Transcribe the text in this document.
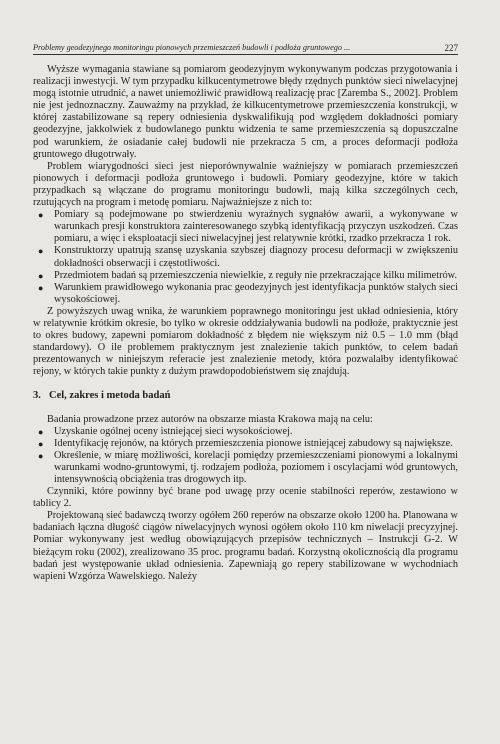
Problemy geodezyjnego monitoringu pionowych przemieszczeń budowli i podłoża gruntowego ...	227

Wyższe wymagania stawiane są pomiarom geodezyjnym wykonywanym podczas przygotowania i realizacji inwestycji. W tym przypadku kilkucentymetrowe błędy rzędnych punktów sieci niwelacyjnej mogą istotnie utrudnić, a nawet uniemożliwić prawidłową realizację prac [Zaremba S., 2002]. Problem nie jest jednoznaczny. Zauważmy na przykład, że kilkucentymetrowe przemieszczenia konstrukcji, w której zastabilizowane są repery odniesienia dyskwalifikują pod względem dokładności pomiary geodezyjne, jakkolwiek z budowlanego punktu widzenia te same przemieszczenia są dopuszczalne pod warunkiem, że osiadanie całej budowli nie przekracza 5 cm, a proces deformacji podłoża gruntowego długotrwały.

Problem wiarygodności sieci jest nieporównywalnie ważniejszy w pomiarach przemieszczeń pionowych i deformacji podłoża gruntowego i budowli. Pomiary geodezyjne, które w takich przypadkach są włączane do programu monitoringu budowli, mają kilka szczególnych cech, rzutujących na program i metodę pomiaru. Najważniejsze z nich to:

● Pomiary są podejmowane po stwierdzeniu wyraźnych sygnałów awarii, a wykonywane w warunkach presji konstruktora zainteresowanego szybką identyfikacją przyczyn uszkodzeń. Czas pomiaru, a więc i eksploatacji sieci niwelacyjnej jest relatywnie krótki, rzadko przekracza 1 rok.
● Konstruktorzy upatrują szansę uzyskania szybszej diagnozy procesu deformacji w zwiększeniu dokładności obserwacji i częstotliwości.
● Przedmiotem badań są przemieszczenia niewielkie, z reguły nie przekraczające kilku milimetrów.
● Warunkiem prawidłowego wykonania prac geodezyjnych jest identyfikacja punktów stałych sieci wysokościowej.

Z powyższych uwag wnika, że warunkiem poprawnego monitoringu jest układ odniesienia, który w relatywnie krótkim okresie, bo tylko w okresie oddziaływania budowli na podłoże, praktycznie jest to okres budowy, zapewni pomiarom dokładność z błędem nie większym niż 0.5 – 1.0 mm (błąd standardowy). O ile problemem praktycznym jest znalezienie takich punktów, to celem badań prezentowanych w niniejszym referacie jest znalezienie metody, która pozwalałby identyfikować rejony, w których takie punkty z dużym prawdopodobieństwem się znajdują.

3. Cel, zakres i metoda badań

Badania prowadzone przez autorów na obszarze miasta Krakowa mają na celu:

● Uzyskanie ogólnej oceny istniejącej sieci wysokościowej.
● Identyfikację rejonów, na których przemieszczenia pionowe istniejącej zabudowy są największe.
● Określenie, w miarę możliwości, korelacji pomiędzy przemieszczeniami pionowymi a lokalnymi warunkami wodno-gruntowymi, tj. rodzajem podłoża, poziomem i oscylacjami wód gruntowych, intensywnością obciążenia tras drogowych itp.

Czynniki, które powinny być brane pod uwagę przy ocenie stabilności reperów, zestawiono w tablicy 2.

Projektowaną sieć badawczą tworzy ogółem 260 reperów na obszarze około 1200 ha. Planowana w badaniach łączna długość ciągów niwelacyjnych wynosi ogółem około 110 km niwelacji precyzyjnej. Pomiar wykonywany jest według obowiązujących przepisów technicznych – Instrukcji G-2. W bieżącym roku (2002), zrealizowano 35 proc. programu badań. Korzystną okolicznością dla programu badań jest występowanie układ odniesienia. Zapewniają go repery stabilizowane w wychodniach wapieni Wzgórza Wawelskiego. Należy
